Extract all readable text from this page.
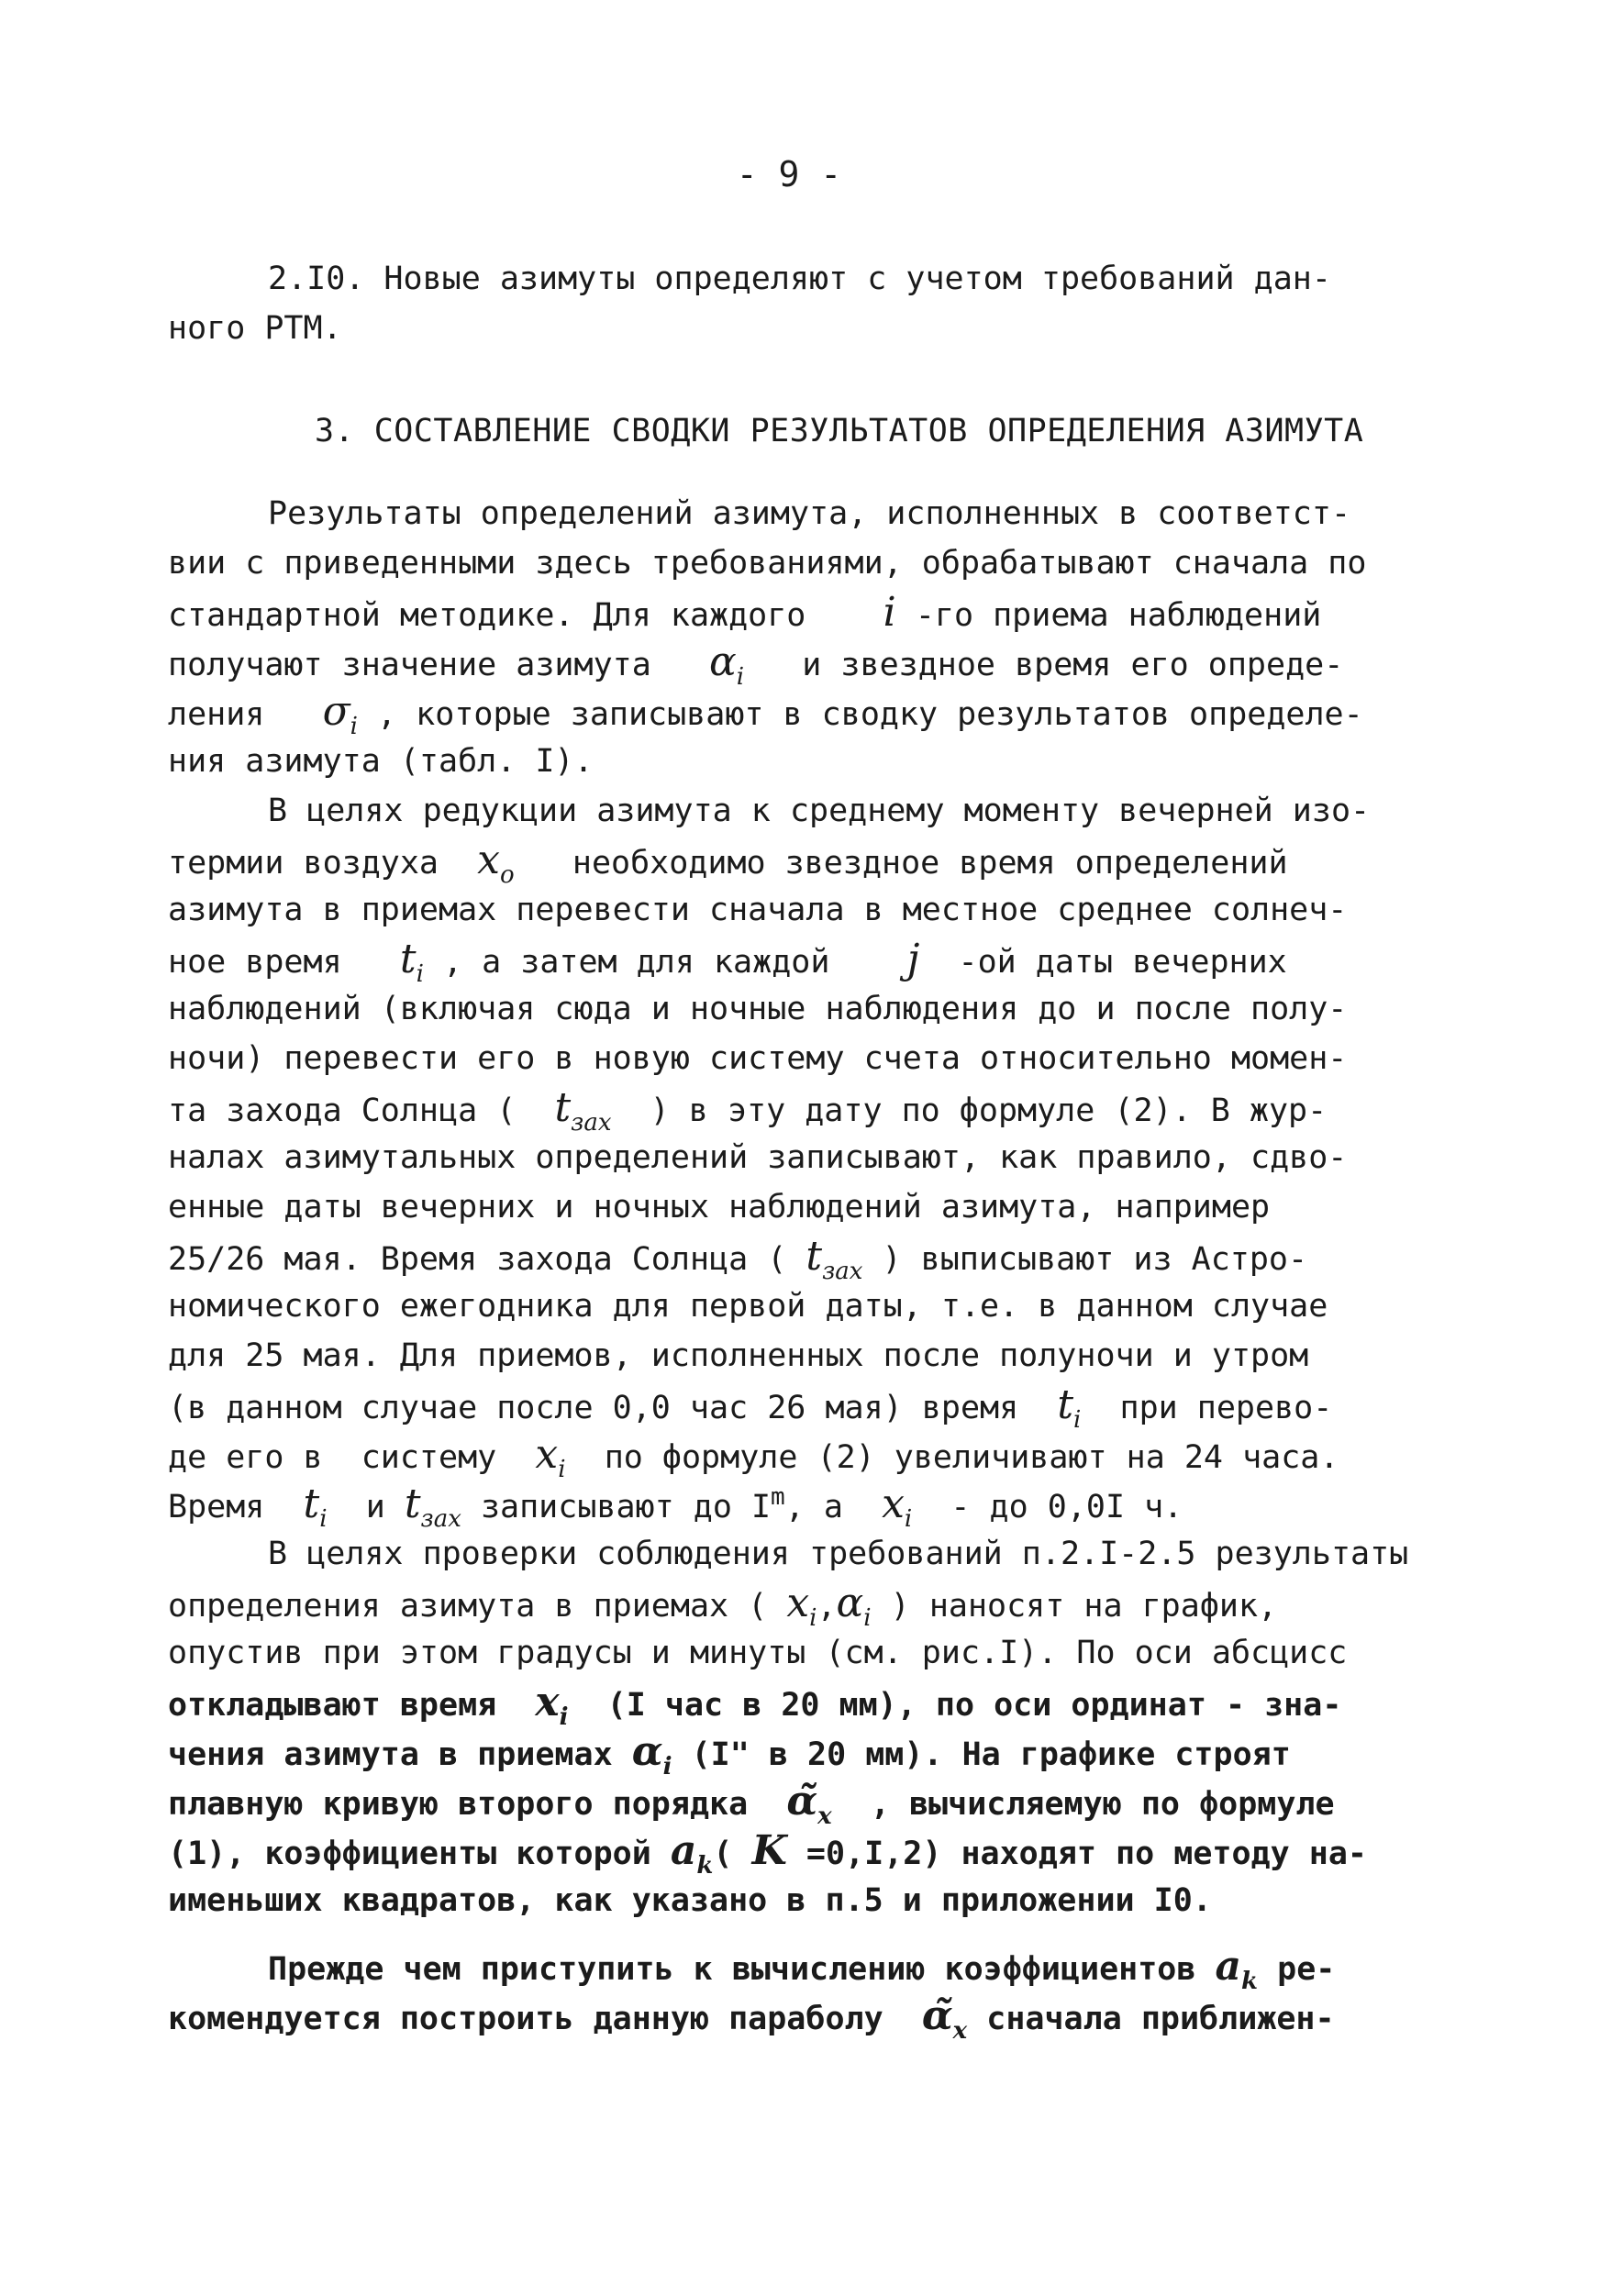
- 9 -
2.I0. Новые азимуты определяют с учетом требований дан-
ного РТМ.
3. СОСТАВЛЕНИЕ СВОДКИ РЕЗУЛЬТАТОВ ОПРЕДЕЛЕНИЯ АЗИМУТА
Результаты определений азимута, исполненных в соответст-
вии с приведенными здесь требованиями, обрабатывают сначала по
стандартной методике. Для каждого i -го приема наблюдений
получают значение азимута $\alpha_i$ и звездное время его опреде-
ления $\sigma_i$ , которые записывают в сводку результатов определе-
ния азимута (табл. I).
В целях редукции азимута к среднему моменту вечерней изо-
термии воздуха $x_o$ необходимо звездное время определений
азимута в приемах перевести сначала в местное среднее солнеч-
ное время $t_i$ , а затем для каждой j -ой даты вечерних
наблюдений (включая сюда и ночные наблюдения до и после полу-
ночи) перевести его в новую систему счета относительно момен-
та захода Солнца ( $t_{зах}$ ) в эту дату по формуле (2). В жур-
налах азимутальных определений записывают, как правило, сдво-
енные даты вечерних и ночных наблюдений азимута, например
25/26 мая. Время захода Солнца ( $t_{зах}$ ) выписывают из Астро-
номического ежегодника для первой даты, т.е. в данном случае
для 25 мая. Для приемов, исполненных после полуночи и утром
(в данном случае после 0,0 час 26 мая) время $t_i$ при перево-
де его в  систему $x_i$ по формуле (2) увеличивают на 24 часа.
Время $t_i$ и $t_{зах}$ записывают до $I^m$, а $x_i$ - до 0,0I ч.
В целях проверки соблюдения требований п.2.I-2.5 результаты
определения азимута в приемах ( $x_i,\alpha_i$ ) наносят на график,
опустив при этом градусы и минуты (см. рис.I). По оси абсцисс
откладывают время $x_i$ (I час в 20 мм), по оси ординат - зна-
чения азимута в приемах $\alpha_i$ (I" в 20 мм). На графике строят
плавную кривую второго порядка $\alphã_x$ , вычисляемую по формуле
(1), коэффициенты которой $a_k$( K =0,I,2) находят по методу на-
именьших квадратов, как указано в п.5 и приложении I0.
Прежде чем приступить к вычислению коэффициентов $a_k$ ре-
комендуется построить данную параболу $\alphã_x$ сначала приближен-
